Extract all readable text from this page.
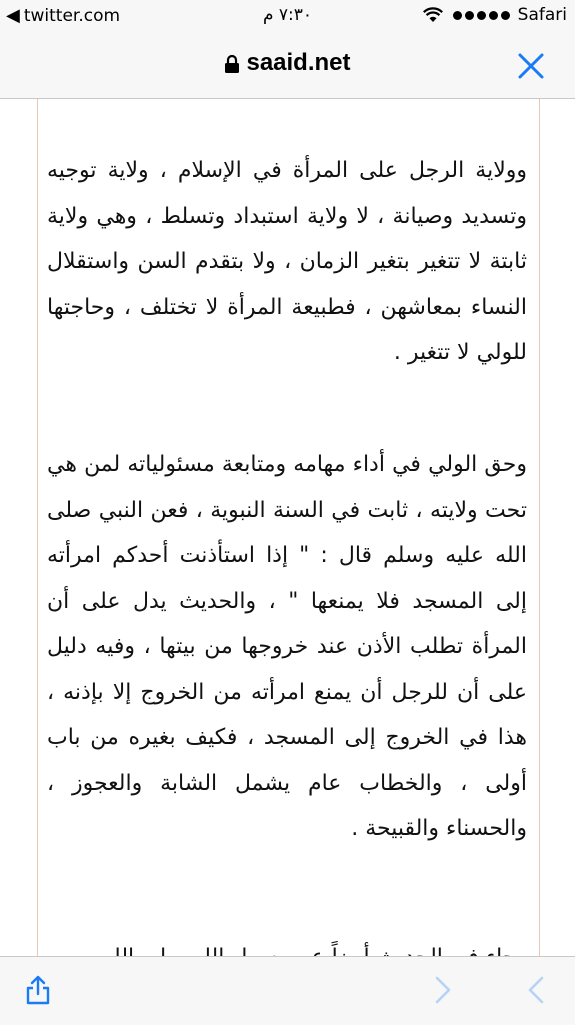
◀ twitter.com	٧:٣٠ م	Safari
saaid.net
وولاية الرجل على المرأة في الإسلام ، ولاية توجيه وتسديد وصيانة ، لا ولاية استبداد وتسلط ، وهي ولاية ثابتة لا تتغير بتغير الزمان ، ولا بتقدم السن واستقلال النساء بمعاشهن ، فطبيعة المرأة لا تختلف ، وحاجتها للولي لا تتغير .
وحق الولي في أداء مهامه ومتابعة مسئولياته لمن هي تحت ولايته ، ثابت في السنة النبوية ، فعن النبي صلى الله عليه وسلم قال : " إذا استأذنت أحدكم امرأته إلى المسجد فلا يمنعها " ، والحديث يدل على أن المرأة تطلب الأذن عند خروجها من بيتها ، وفيه دليل على أن للرجل أن يمنع امرأته من الخروج إلا بإذنه ، هذا في الخروج إلى المسجد ، فكيف بغيره من باب أولى ، والخطاب عام يشمل الشابة والعجوز ، والحسناء والقبيحة .
